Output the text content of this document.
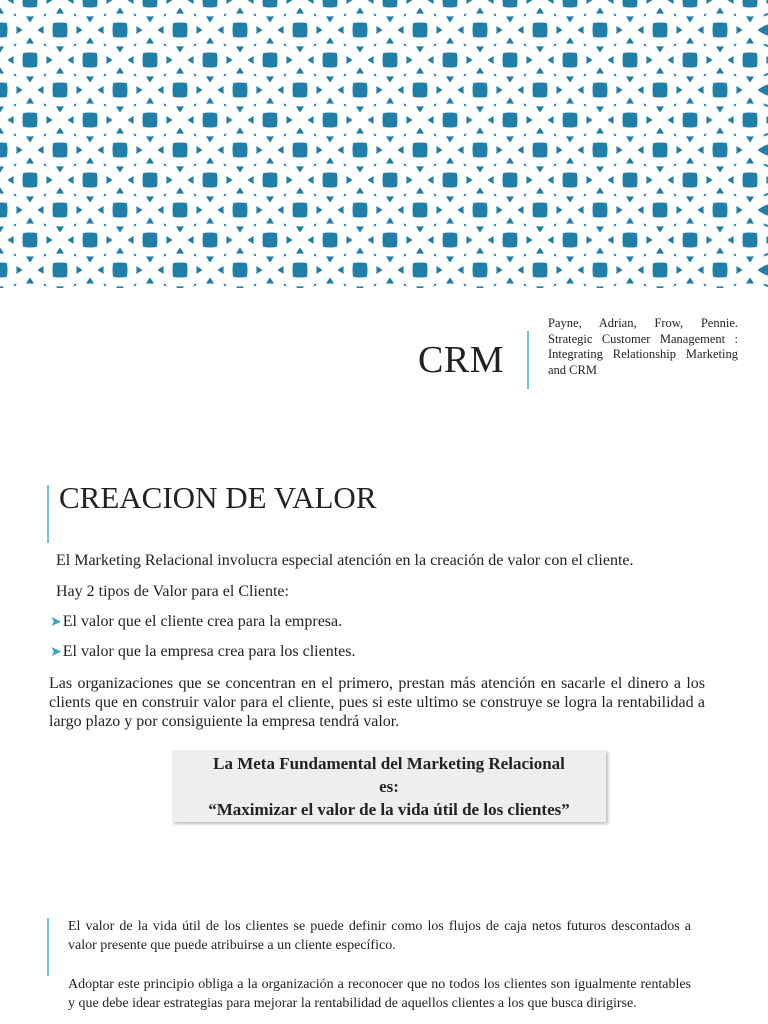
CRM
Payne, Adrian, Frow, Pennie. Strategic Customer Management : Integrating Relationship Marketing and CRM
CREACION DE VALOR
El Marketing Relacional involucra especial atención en la creación de valor con el cliente.
Hay 2 tipos de Valor para el Cliente:
➤El valor que el cliente crea para la empresa.
➤El valor que la empresa crea para los clientes.
Las organizaciones que se concentran en el primero, prestan más atención en sacarle el dinero a los clients que en construir valor para el cliente, pues si este ultimo se construye se logra la rentabilidad a largo plazo y por consiguiente la empresa tendrá valor.
La Meta Fundamental del Marketing Relacional
es:
“Maximizar el valor de la vida útil de los clientes”
El valor de la vida útil de los clientes se puede definir como los flujos de caja netos futuros descontados a valor presente que puede atribuirse a un cliente específico.
Adoptar este principio obliga a la organización a reconocer que no todos los clientes son igualmente rentables y que debe idear estrategias para mejorar la rentabilidad de aquellos clientes a los que busca dirigirse.
